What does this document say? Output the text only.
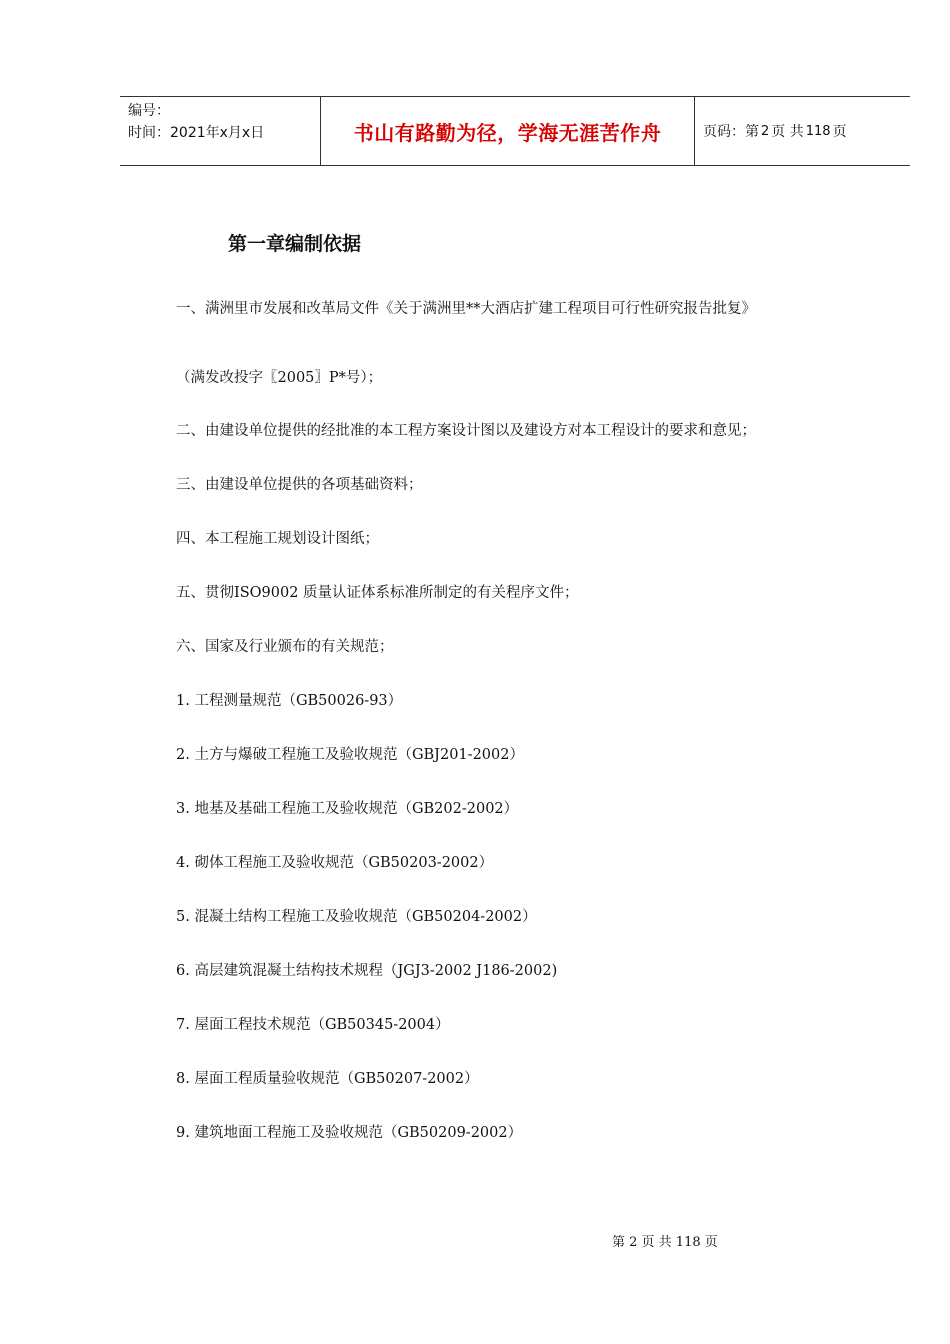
编号：
时间：2021年x月x日	书山有路勤为径，学海无涯苦作舟	页码：第 2 页 共 118 页
第一章编制依据
一、满洲里市发展和改革局文件《关于满洲里**大酒店扩建工程项目可行性研究报告批复》
（满发改投字〖2005〗P*号）；
二、由建设单位提供的经批准的本工程方案设计图以及建设方对本工程设计的要求和意见；
三、由建设单位提供的各项基础资料；
四、本工程施工规划设计图纸；
五、贯彻ISO9002 质量认证体系标准所制定的有关程序文件；
六、国家及行业颁布的有关规范；
1. 工程测量规范（GB50026-93）
2. 土方与爆破工程施工及验收规范（GBJ201-2002）
3. 地基及基础工程施工及验收规范（GB202-2002）
4. 砌体工程施工及验收规范（GB50203-2002）
5. 混凝土结构工程施工及验收规范（GB50204-2002）
6. 高层建筑混凝土结构技术规程（JGJ3-2002 J186-2002)
7. 屋面工程技术规范（GB50345-2004）
8. 屋面工程质量验收规范（GB50207-2002）
9. 建筑地面工程施工及验收规范（GB50209-2002）
第 2 页 共 118 页
